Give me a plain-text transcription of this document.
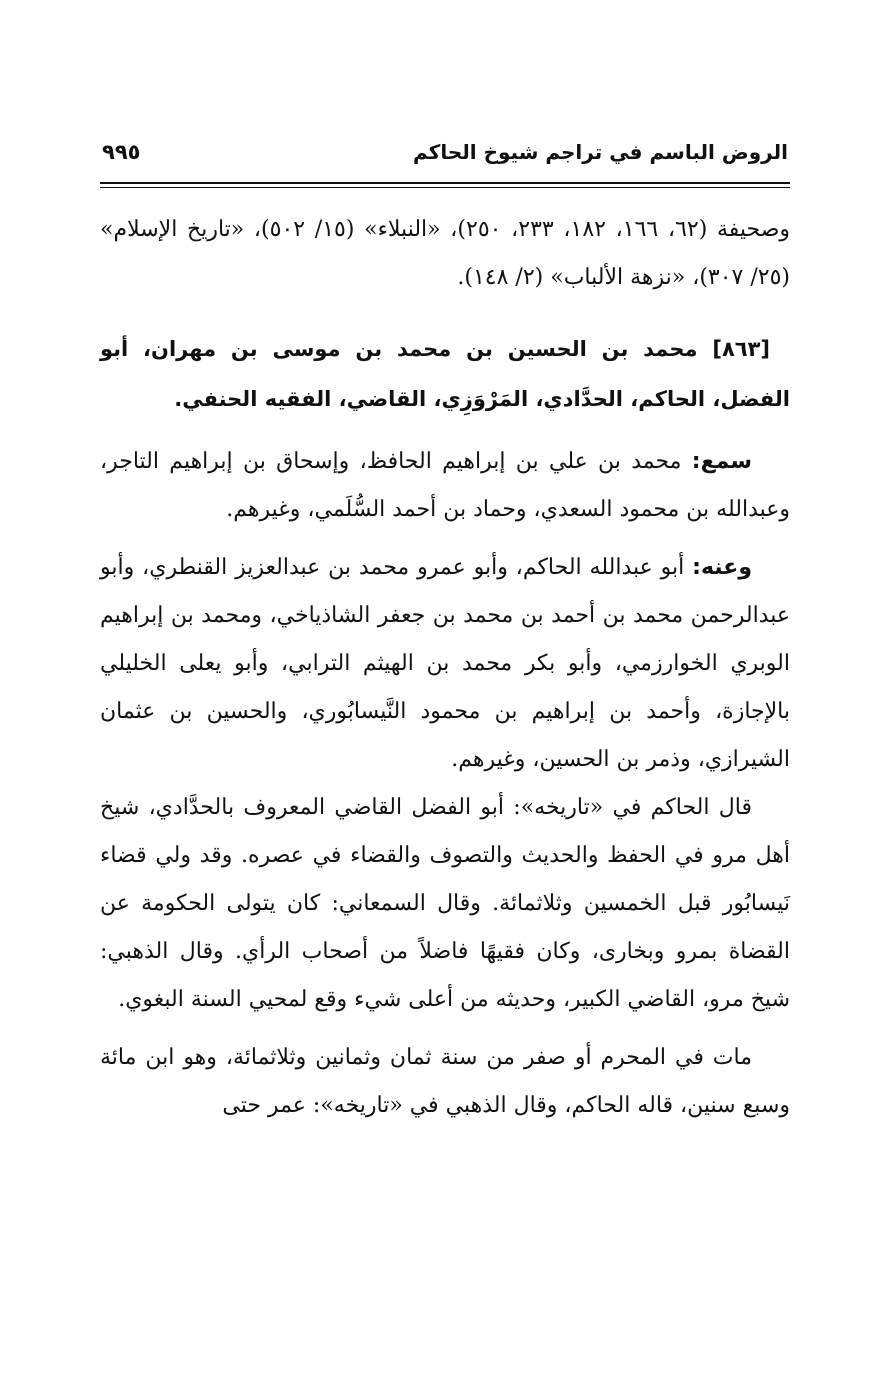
الروض الباسم في تراجم شيوخ الحاكم
٩٩٥

وصحيفة (٦٢، ١٦٦، ١٨٢، ٢٣٣، ٢٥٠)، «النبلاء» (١٥/ ٥٠٢)، «تاريخ الإسلام» (٢٥/ ٣٠٧)، «نزهة الألباب» (٢/ ١٤٨).

[٨٦٣] محمد بن الحسين بن محمد بن موسى بن مهران، أبو الفضل، الحاكم، الحدَّادي، المَرْوَزِي، القاضي، الفقيه الحنفي.

سمع: محمد بن علي بن إبراهيم الحافظ، وإسحاق بن إبراهيم التاجر، وعبدالله بن محمود السعدي، وحماد بن أحمد السُّلَمي، وغيرهم.

وعنه: أبو عبدالله الحاكم، وأبو عمرو محمد بن عبدالعزيز القنطري، وأبو عبدالرحمن محمد بن أحمد بن محمد بن جعفر الشاذياخي، ومحمد بن إبراهيم الوبري الخوارزمي، وأبو بكر محمد بن الهيثم الترابي، وأبو يعلى الخليلي بالإجازة، وأحمد بن إبراهيم بن محمود النَّيسابُوري، والحسين بن عثمان الشيرازي، وذمر بن الحسين، وغيرهم.

قال الحاكم في «تاريخه»: أبو الفضل القاضي المعروف بالحدَّادي، شيخ أهل مرو في الحفظ والحديث والتصوف والقضاء في عصره. وقد ولي قضاء نَيسابُور قبل الخمسين وثلاثمائة. وقال السمعاني: كان يتولى الحكومة عن القضاة بمرو وبخارى، وكان فقيهًا فاضلاً من أصحاب الرأي. وقال الذهبي: شيخ مرو، القاضي الكبير، وحديثه من أعلى شيء وقع لمحيي السنة البغوي.

مات في المحرم أو صفر من سنة ثمان وثمانين وثلاثمائة، وهو ابن مائة وسبع سنين، قاله الحاكم، وقال الذهبي في «تاريخه»: عمر حتى
